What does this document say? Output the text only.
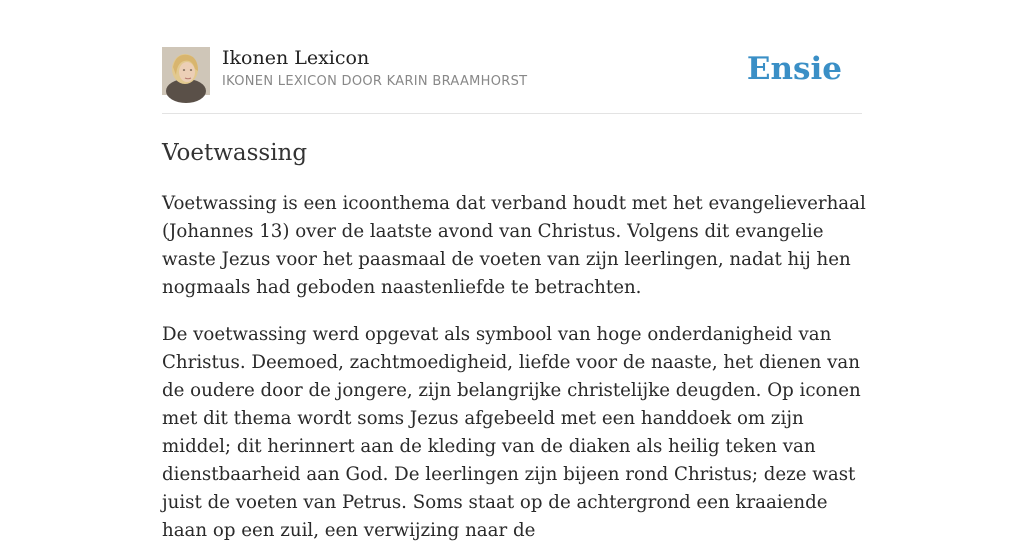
Ikonen Lexicon
IKONEN LEXICON DOOR KARIN BRAAMHORST	Ensie
Voetwassing

Voetwassing is een icoonthema dat verband houdt met het evangelieverhaal (Johannes 13) over de laatste avond van Christus. Volgens dit evangelie waste Jezus voor het paasmaal de voeten van zijn leerlingen, nadat hij hen nogmaals had geboden naastenliefde te betrachten.

De voetwassing werd opgevat als symbool van hoge onderdanigheid van Christus. Deemoed, zachtmoedigheid, liefde voor de naaste, het dienen van de oudere door de jongere, zijn belangrijke christelijke deugden. Op iconen met dit thema wordt soms Jezus afgebeeld met een handdoek om zijn middel; dit herinnert aan de kleding van de diaken als heilig teken van dienstbaarheid aan God. De leerlingen zijn bijeen rond Christus; deze wast juist de voeten van Petrus. Soms staat op de achtergrond een kraaiende haan op een zuil, een verwijzing naar de
